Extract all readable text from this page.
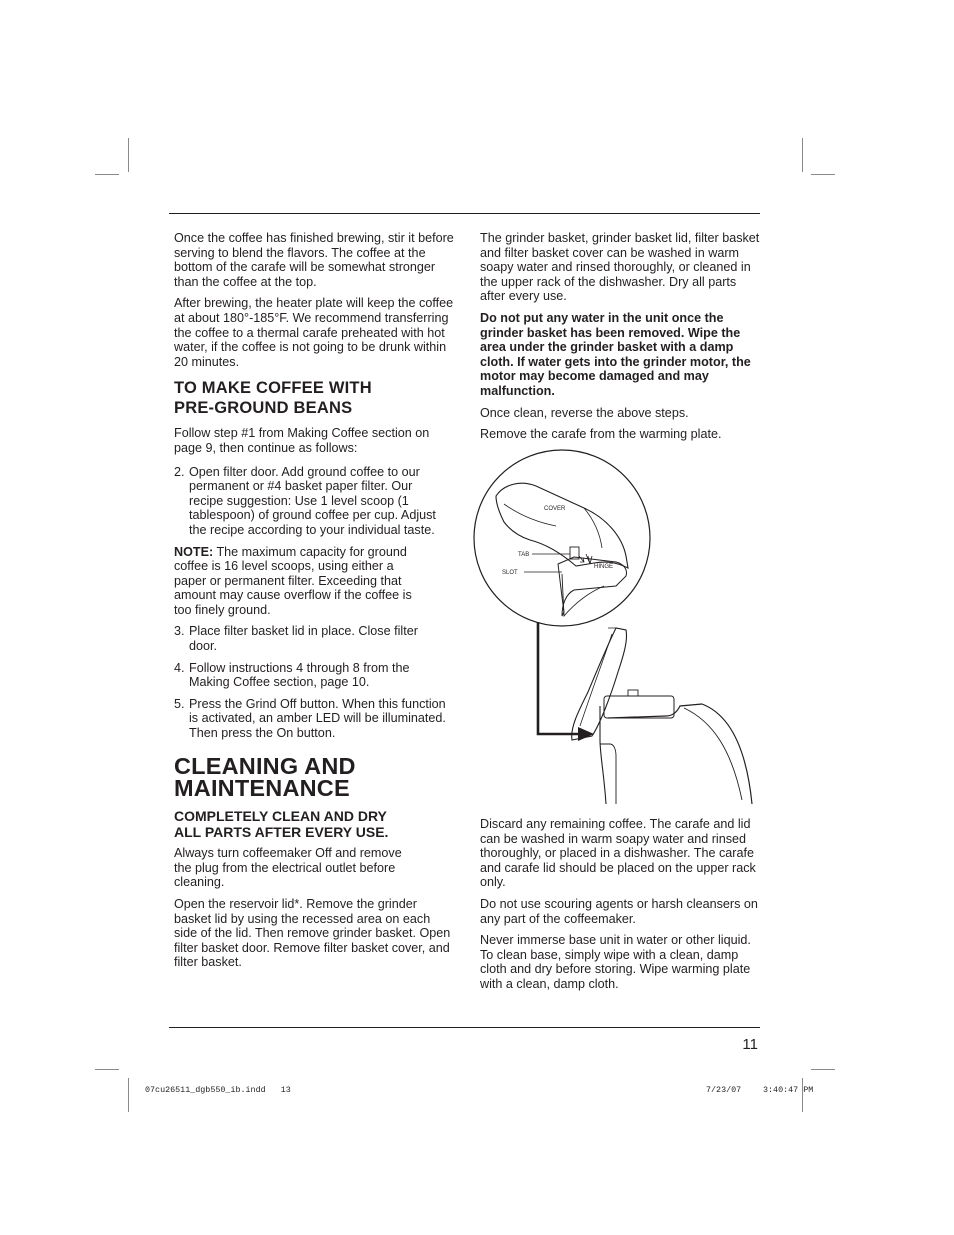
Once the coffee has finished brewing, stir it before serving to blend the flavors. The coffee at the bottom of the carafe will be somewhat stronger than the coffee at the top.

After brewing, the heater plate will keep the coffee at about 180°-185°F. We recommend transferring the coffee to a thermal carafe preheated with hot water, if the coffee is not going to be drunk within 20 minutes.

TO MAKE COFFEE WITH
PRE-GROUND BEANS

Follow step #1 from Making Coffee section on page 9, then continue as follows:

2. Open filter door. Add ground coffee to our permanent or #4 basket paper filter. Our recipe suggestion: Use 1 level scoop (1 tablespoon) of ground coffee per cup. Adjust the recipe according to your individual taste.

NOTE: The maximum capacity for ground coffee is 16 level scoops, using either a paper or permanent filter. Exceeding that amount may cause overflow if the coffee is too finely ground.

3. Place filter basket lid in place. Close filter door.
4. Follow instructions 4 through 8 from the Making Coffee section, page 10.
5. Press the Grind Off button. When this function is activated, an amber LED will be illuminated. Then press the On button.
CLEANING AND
MAINTENANCE
COMPLETELY CLEAN AND DRY
ALL PARTS AFTER EVERY USE.

Always turn coffeemaker Off and remove the plug from the electrical outlet before cleaning.

Open the reservoir lid*. Remove the grinder basket lid by using the recessed area on each side of the lid. Then remove grinder basket. Open filter basket door. Remove filter basket cover, and filter basket.

The grinder basket, grinder basket lid, filter basket and filter basket cover can be washed in warm soapy water and rinsed thoroughly, or cleaned in the upper rack of the dishwasher. Dry all parts after every use.

Do not put any water in the unit once the grinder basket has been removed. Wipe the area under the grinder basket with a damp cloth. If water gets into the grinder motor, the motor may become damaged and may malfunction.

Once clean, reverse the above steps.

Remove the carafe from the warming plate.

COVER
TAB
SLOT
HINGE

Discard any remaining coffee. The carafe and lid can be washed in warm soapy water and rinsed thoroughly, or placed in a dishwasher. The carafe and carafe lid should be placed on the upper rack only.

Do not use scouring agents or harsh cleansers on any part of the coffeemaker.

Never immerse base unit in water or other liquid. To clean base, simply wipe with a clean, damp cloth and dry before storing. Wipe warming plate with a clean, damp cloth.

11
07cu26511_dgb550_ib.indd   13	7/23/07	3:40:47 PM
